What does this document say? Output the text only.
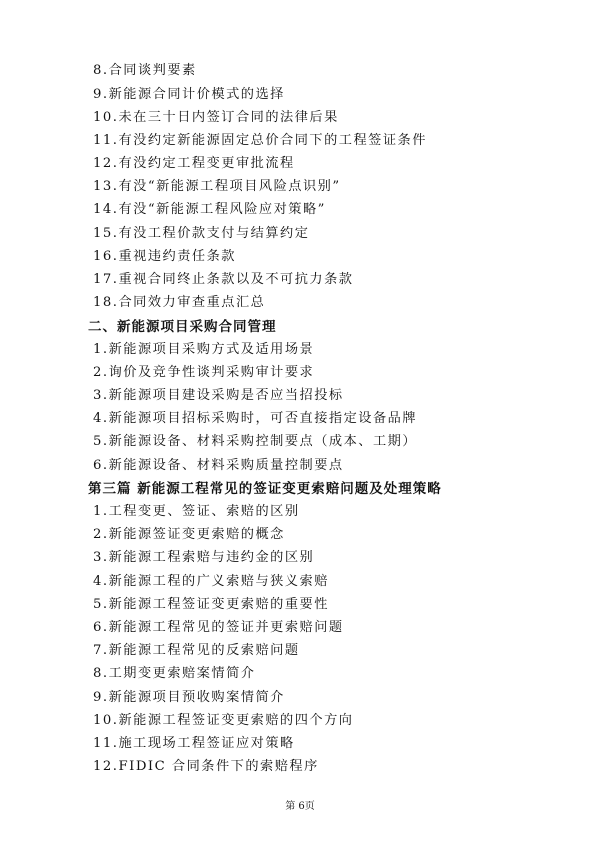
8.合同谈判要素
9.新能源合同计价模式的选择
10.未在三十日内签订合同的法律后果
11.有没约定新能源固定总价合同下的工程签证条件
12.有没约定工程变更审批流程
13.有没“新能源工程项目风险点识别”
14.有没“新能源工程风险应对策略”
15.有没工程价款支付与结算约定
16.重视违约责任条款
17.重视合同终止条款以及不可抗力条款
18.合同效力审查重点汇总
二、新能源项目采购合同管理
1.新能源项目采购方式及适用场景
2.询价及竞争性谈判采购审计要求
3.新能源项目建设采购是否应当招投标
4.新能源项目招标采购时，可否直接指定设备品牌
5.新能源设备、材料采购控制要点（成本、工期）
6.新能源设备、材料采购质量控制要点
第三篇 新能源工程常见的签证变更索赔问题及处理策略
1.工程变更、签证、索赔的区别
2.新能源签证变更索赔的概念
3.新能源工程索赔与违约金的区别
4.新能源工程的广义索赔与狭义索赔
5.新能源工程签证变更索赔的重要性
6.新能源工程常见的签证并更索赔问题
7.新能源工程常见的反索赔问题
8.工期变更索赔案情简介
9.新能源项目预收购案情简介
10.新能源工程签证变更索赔的四个方向
11.施工现场工程签证应对策略
12.FIDIC 合同条件下的索赔程序
第 6页
